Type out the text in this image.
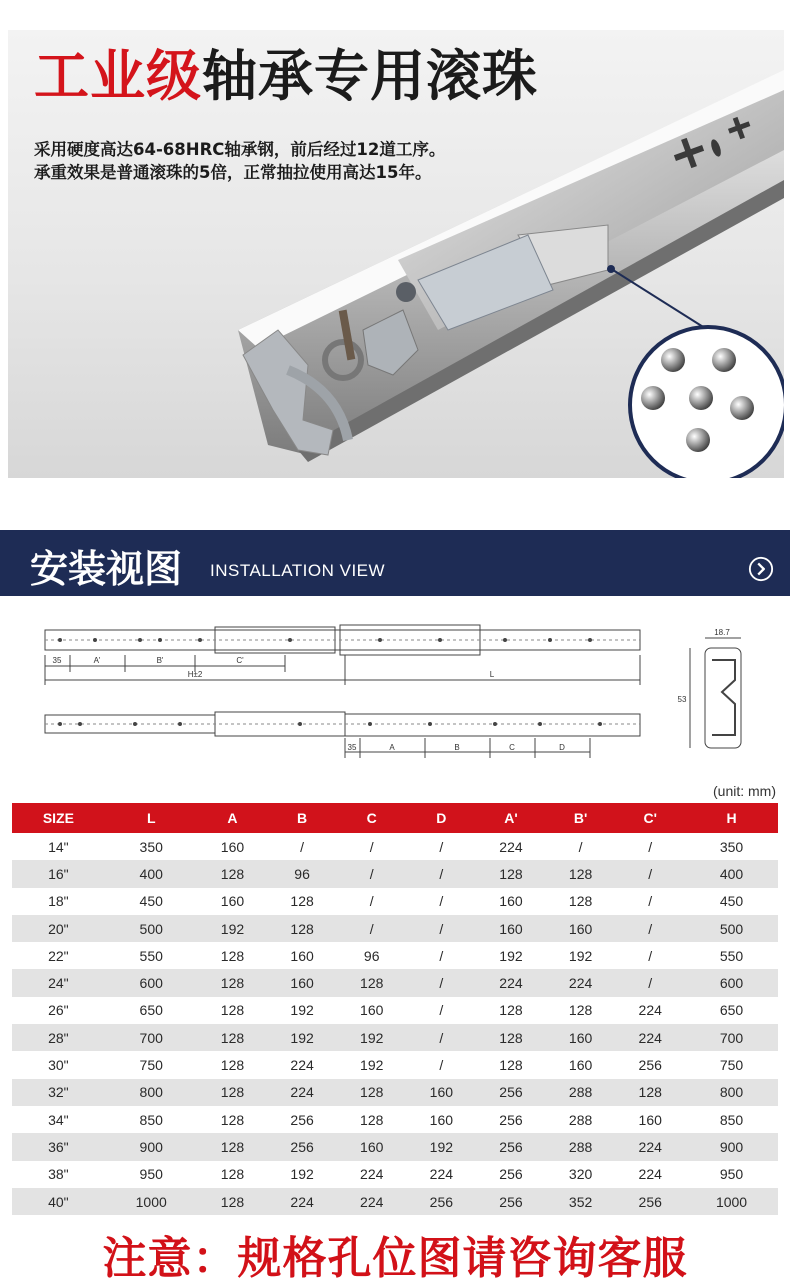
工业级轴承专用滚珠
采用硬度高达64-68HRC轴承钢，前后经过12道工序。
承重效果是普通滚珠的5倍，正常抽拉使用高达15年。
安装视图 INSTALLATION VIEW
35	A'	B'	C'
H±2	L
35	A	B	C	D
18.7
53
(unit: mm)
SIZE	L	A	B	C	D	A'	B'	C'	H
14"	350	160	/	/	/	224	/	/	350
16"	400	128	96	/	/	128	128	/	400
18"	450	160	128	/	/	160	128	/	450
20"	500	192	128	/	/	160	160	/	500
22"	550	128	160	96	/	192	192	/	550
24"	600	128	160	128	/	224	224	/	600
26"	650	128	192	160	/	128	128	224	650
28"	700	128	192	192	/	128	160	224	700
30"	750	128	224	192	/	128	160	256	750
32"	800	128	224	128	160	256	288	128	800
34"	850	128	256	128	160	256	288	160	850
36"	900	128	256	160	192	256	288	224	900
38"	950	128	192	224	224	256	320	224	950
40"	1000	128	224	224	256	256	352	256	1000
注意：规格孔位图请咨询客服
